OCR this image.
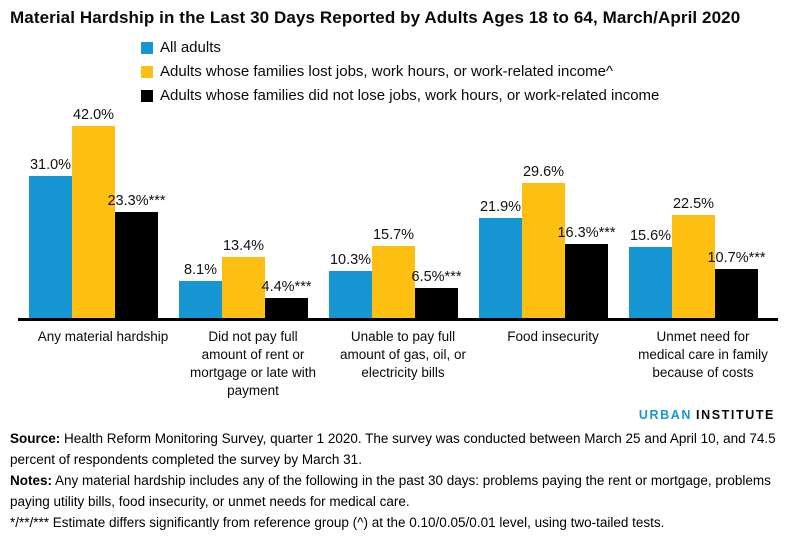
Material Hardship in the Last 30 Days Reported by Adults Ages 18 to 64, March/April 2020
All adults
Adults whose families lost jobs, work hours, or work-related income^
Adults whose families did not lose jobs, work hours, or work-related income
31.0%
42.0%
23.3%***
8.1%
13.4%
4.4%***
10.3%
15.7%
6.5%***
21.9%
29.6%
16.3%*** 15.6%
22.5%
10.7%***
Any material hardship	Did not pay full amount of rent or mortgage or late with payment
Unable to pay full amount of gas, oil, or electricity bills
Food insecurity	Unmet need for medical care in family because of costs
URBAN INSTITUTE
Source: Health Reform Monitoring Survey, quarter 1 2020. The survey was conducted between March 25 and April 10, and 74.5 percent of respondents completed the survey by March 31.
Notes: Any material hardship includes any of the following in the past 30 days: problems paying the rent or mortgage, problems paying utility bills, food insecurity, or unmet needs for medical care.
*/**/*** Estimate differs significantly from reference group (^) at the 0.10/0.05/0.01 level, using two-tailed tests.
